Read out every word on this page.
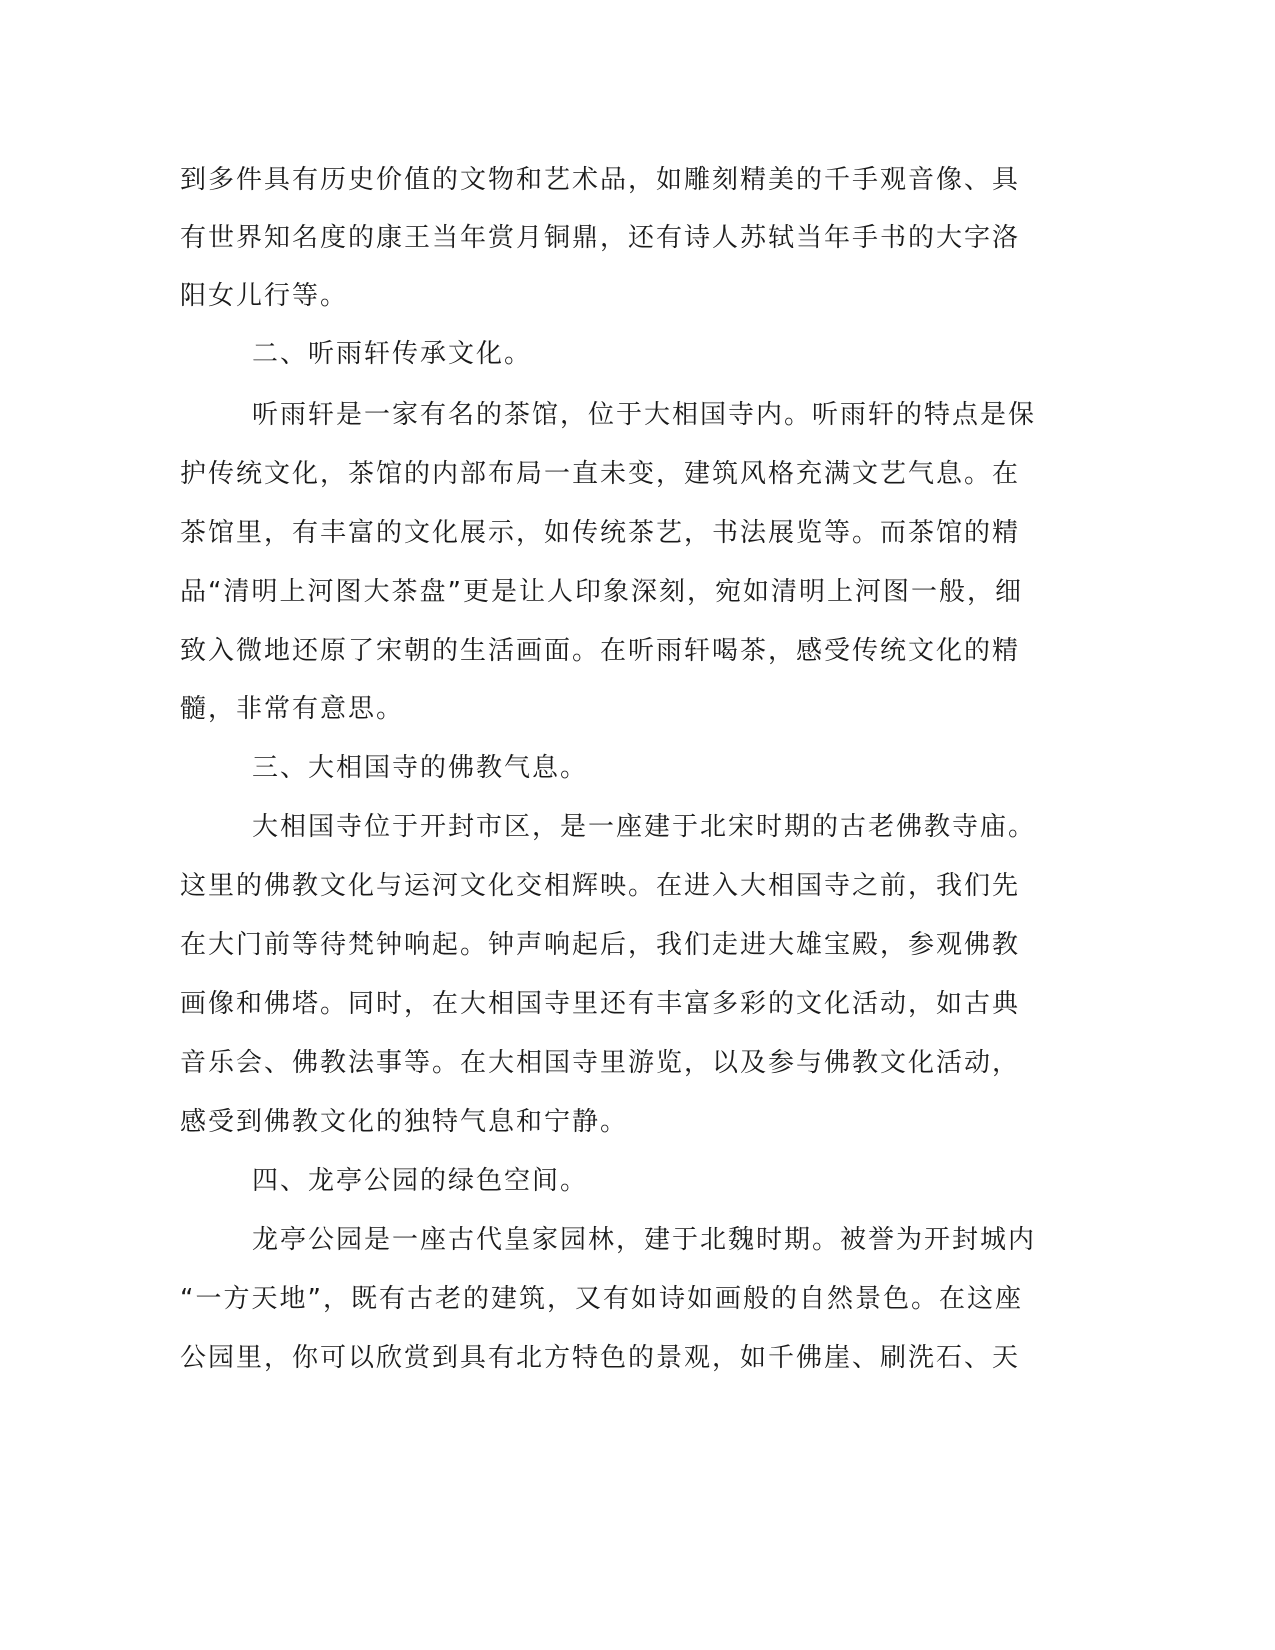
到多件具有历史价值的文物和艺术品，如雕刻精美的千手观音像、具
有世界知名度的康王当年赏月铜鼎，还有诗人苏轼当年手书的大字洛
阳女儿行等。
二、听雨轩传承文化。
听雨轩是一家有名的茶馆，位于大相国寺内。听雨轩的特点是保
护传统文化，茶馆的内部布局一直未变，建筑风格充满文艺气息。在
茶馆里，有丰富的文化展示，如传统茶艺，书法展览等。而茶馆的精
品“清明上河图大茶盘”更是让人印象深刻，宛如清明上河图一般，细
致入微地还原了宋朝的生活画面。在听雨轩喝茶，感受传统文化的精
髓，非常有意思。
三、大相国寺的佛教气息。
大相国寺位于开封市区，是一座建于北宋时期的古老佛教寺庙。
这里的佛教文化与运河文化交相辉映。在进入大相国寺之前，我们先
在大门前等待梵钟响起。钟声响起后，我们走进大雄宝殿，参观佛教
画像和佛塔。同时，在大相国寺里还有丰富多彩的文化活动，如古典
音乐会、佛教法事等。在大相国寺里游览，以及参与佛教文化活动，
感受到佛教文化的独特气息和宁静。
四、龙亭公园的绿色空间。
龙亭公园是一座古代皇家园林，建于北魏时期。被誉为开封城内
“一方天地”，既有古老的建筑，又有如诗如画般的自然景色。在这座
公园里，你可以欣赏到具有北方特色的景观，如千佛崖、刷洗石、天
